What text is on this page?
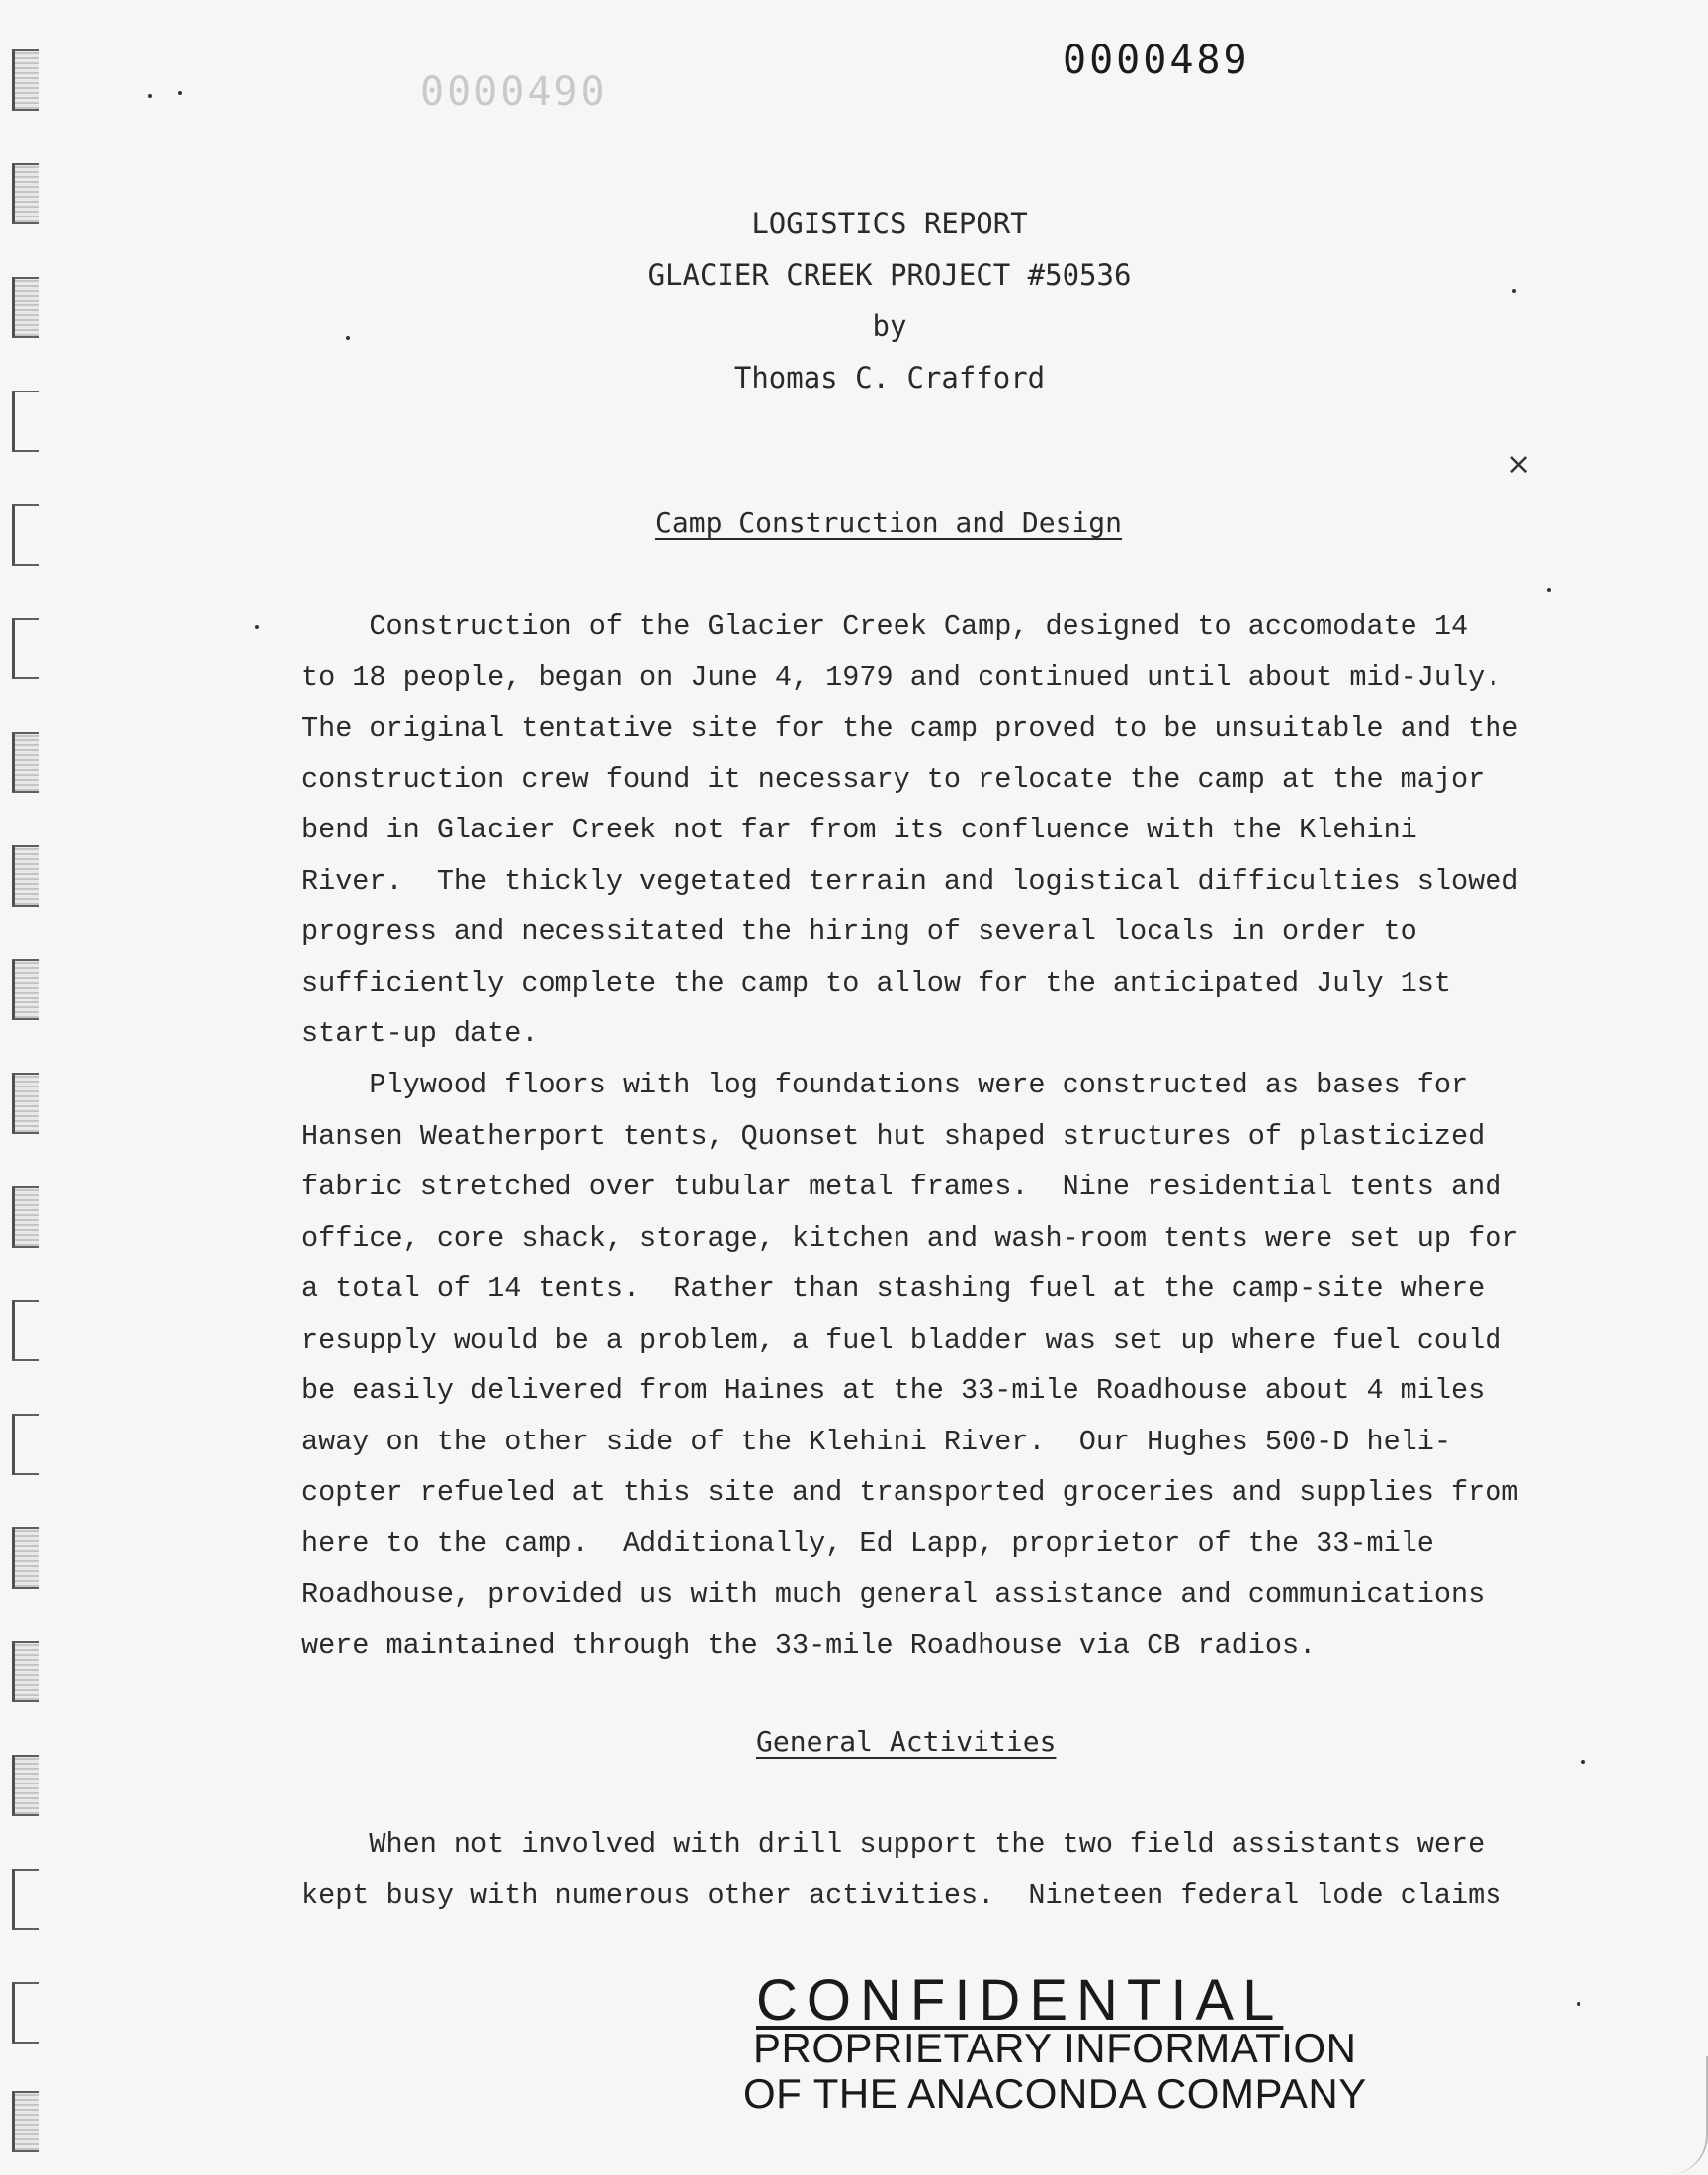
0000490
0000489
⨯
LOGISTICS REPORT
GLACIER CREEK PROJECT #50536
by
Thomas C. Crafford
Camp Construction and Design
Construction of the Glacier Creek Camp, designed to accomodate 14
to 18 people, began on June 4, 1979 and continued until about mid-July.
The original tentative site for the camp proved to be unsuitable and the
construction crew found it necessary to relocate the camp at the major
bend in Glacier Creek not far from its confluence with the Klehini
River.  The thickly vegetated terrain and logistical difficulties slowed
progress and necessitated the hiring of several locals in order to
sufficiently complete the camp to allow for the anticipated July 1st
start-up date.
Plywood floors with log foundations were constructed as bases for
Hansen Weatherport tents, Quonset hut shaped structures of plasticized
fabric stretched over tubular metal frames.  Nine residential tents and
office, core shack, storage, kitchen and wash-room tents were set up for
a total of 14 tents.  Rather than stashing fuel at the camp-site where
resupply would be a problem, a fuel bladder was set up where fuel could
be easily delivered from Haines at the 33-mile Roadhouse about 4 miles
away on the other side of the Klehini River.  Our Hughes 500-D heli-
copter refueled at this site and transported groceries and supplies from
here to the camp.  Additionally, Ed Lapp, proprietor of the 33-mile
Roadhouse, provided us with much general assistance and communications
were maintained through the 33-mile Roadhouse via CB radios.
General Activities
When not involved with drill support the two field assistants were
kept busy with numerous other activities.  Nineteen federal lode claims
CONFIDENTIAL
PROPRIETARY INFORMATION
OF THE ANACONDA COMPANY
